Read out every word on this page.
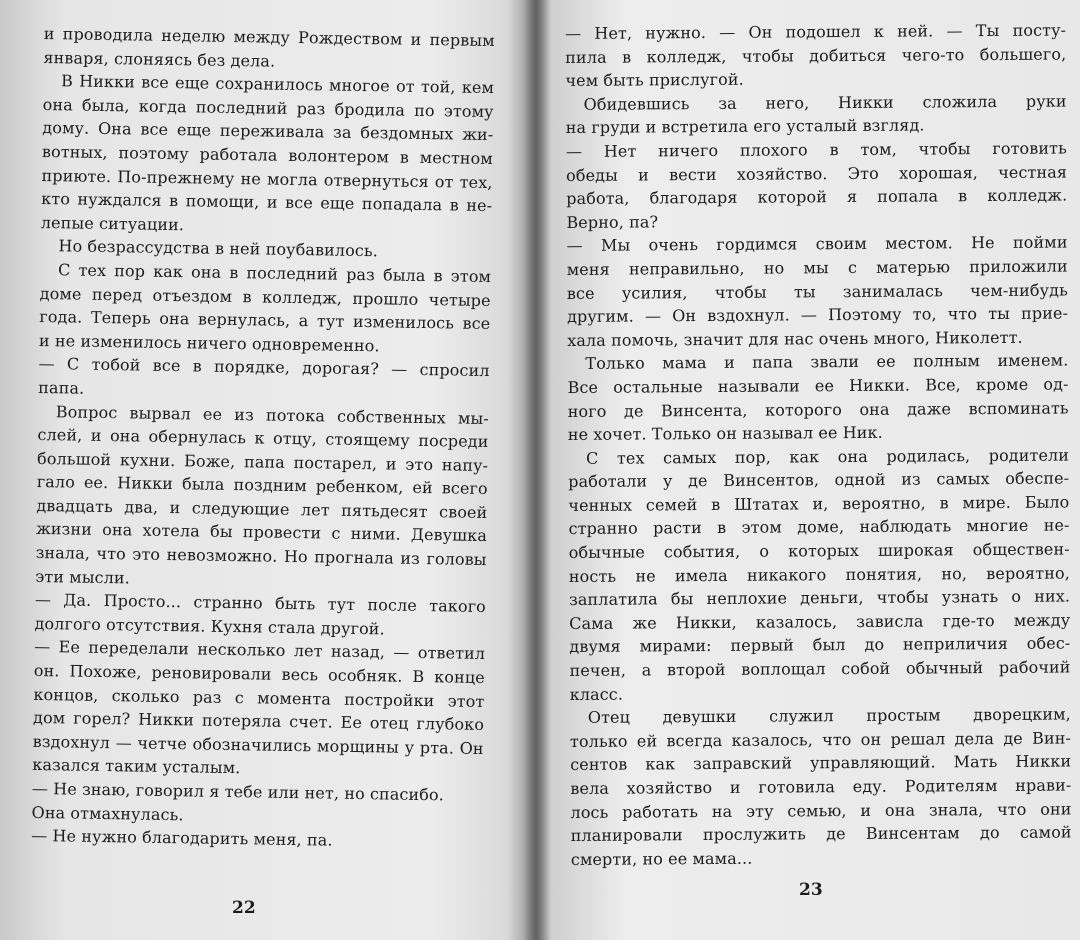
и проводила неделю между Рождеством и первым
января, слоняясь без дела.
В Никки все еще сохранилось многое от той, кем
она была, когда последний раз бродила по этому
дому. Она все еще переживала за бездомных жи-
вотных, поэтому работала волонтером в местном
приюте. По-прежнему не могла отвернуться от тех,
кто нуждался в помощи, и все еще попадала в не-
лепые ситуации.
Но безрассудства в ней поубавилось.
С тех пор как она в последний раз была в этом
доме перед отъездом в колледж, прошло четыре
года. Теперь она вернулась, а тут изменилось все
и не изменилось ничего одновременно.
— С тобой все в порядке, дорогая? — спросил
папа.
Вопрос вырвал ее из потока собственных мы-
слей, и она обернулась к отцу, стоящему посреди
большой кухни. Боже, папа постарел, и это напу-
гало ее. Никки была поздним ребенком, ей всего
двадцать два, и следующие лет пятьдесят своей
жизни она хотела бы провести с ними. Девушка
знала, что это невозможно. Но прогнала из головы
эти мысли.
— Да. Просто... странно быть тут после такого
долгого отсутствия. Кухня стала другой.
— Ее переделали несколько лет назад, — ответил
он. Похоже, реновировали весь особняк. В конце
концов, сколько раз с момента постройки этот
дом горел? Никки потеряла счет. Ее отец глубоко
вздохнул — четче обозначились морщины у рта. Он
казался таким усталым.
— Не знаю, говорил я тебе или нет, но спасибо.
Она отмахнулась.
— Не нужно благодарить меня, па.
22
— Нет, нужно. — Он подошел к ней. — Ты посту-
пила в колледж, чтобы добиться чего-то большего,
чем быть прислугой.
Обидевшись за него, Никки сложила руки
на груди и встретила его усталый взгляд.
— Нет ничего плохого в том, чтобы готовить
обеды и вести хозяйство. Это хорошая, честная
работа, благодаря которой я попала в колледж.
Верно, па?
— Мы очень гордимся своим местом. Не пойми
меня неправильно, но мы с матерью приложили
все усилия, чтобы ты занималась чем-нибудь
другим. — Он вздохнул. — Поэтому то, что ты прие-
хала помочь, значит для нас очень много, Николетт.
Только мама и папа звали ее полным именем.
Все остальные называли ее Никки. Все, кроме од-
ного де Винсента, которого она даже вспоминать
не хочет. Только он называл ее Ник.
С тех самых пор, как она родилась, родители
работали у де Винсентов, одной из самых обеспе-
ченных семей в Штатах и, вероятно, в мире. Было
странно расти в этом доме, наблюдать многие не-
обычные события, о которых широкая обществен-
ность не имела никакого понятия, но, вероятно,
заплатила бы неплохие деньги, чтобы узнать о них.
Сама же Никки, казалось, зависла где-то между
двумя мирами: первый был до неприличия обес-
печен, а второй воплощал собой обычный рабочий
класс.
Отец девушки служил простым дворецким,
только ей всегда казалось, что он решал дела де Вин-
сентов как заправский управляющий. Мать Никки
вела хозяйство и готовила еду. Родителям нрави-
лось работать на эту семью, и она знала, что они
планировали прослужить де Винсентам до самой
смерти, но ее мама...
23
